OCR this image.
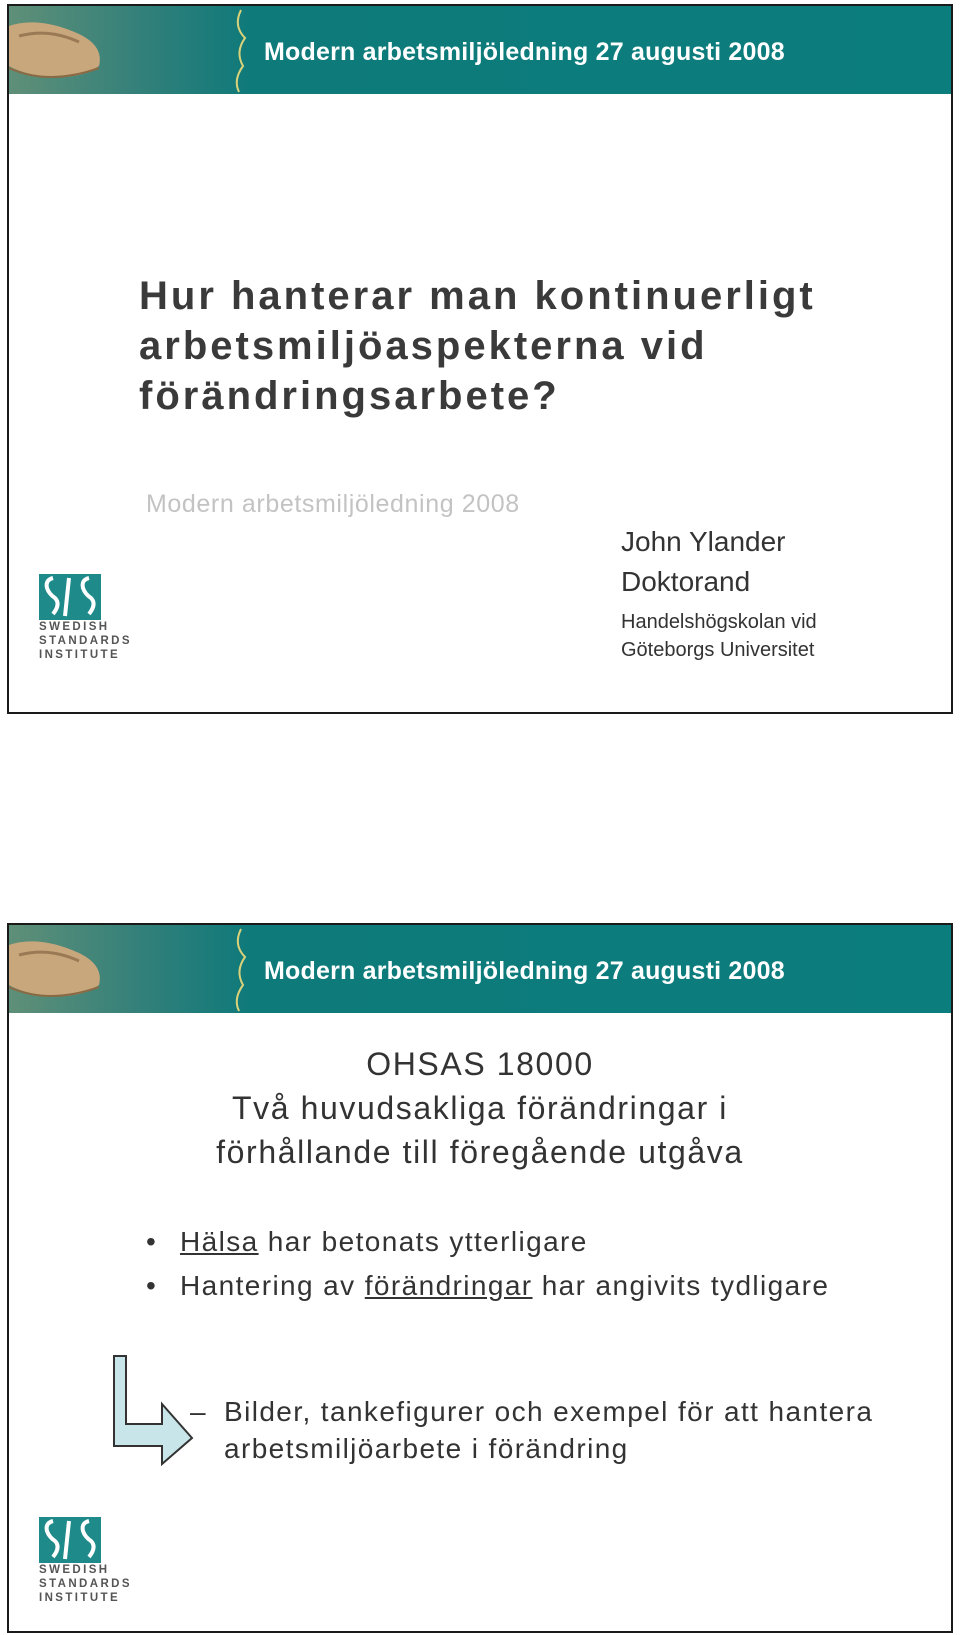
Modern arbetsmiljöledning 27 augusti 2008
Hur hanterar man kontinuerligt arbetsmiljöaspekterna vid förändringsarbete?
Modern arbetsmiljöledning 2008
John Ylander
Doktorand
Handelshögskolan vid
Göteborgs Universitet
SWEDISH
STANDARDS
INSTITUTE
Modern arbetsmiljöledning 27 augusti 2008
SWEDISH
STANDARDS
INSTITUTE
OHSAS 18000
Två huvudsakliga förändringar i
förhållande till föregående utgåva
• Hälsa har betonats ytterligare
• Hantering av förändringar har angivits tydligare
– Bilder, tankefigurer och exempel för att hantera arbetsmiljöarbete i förändring
